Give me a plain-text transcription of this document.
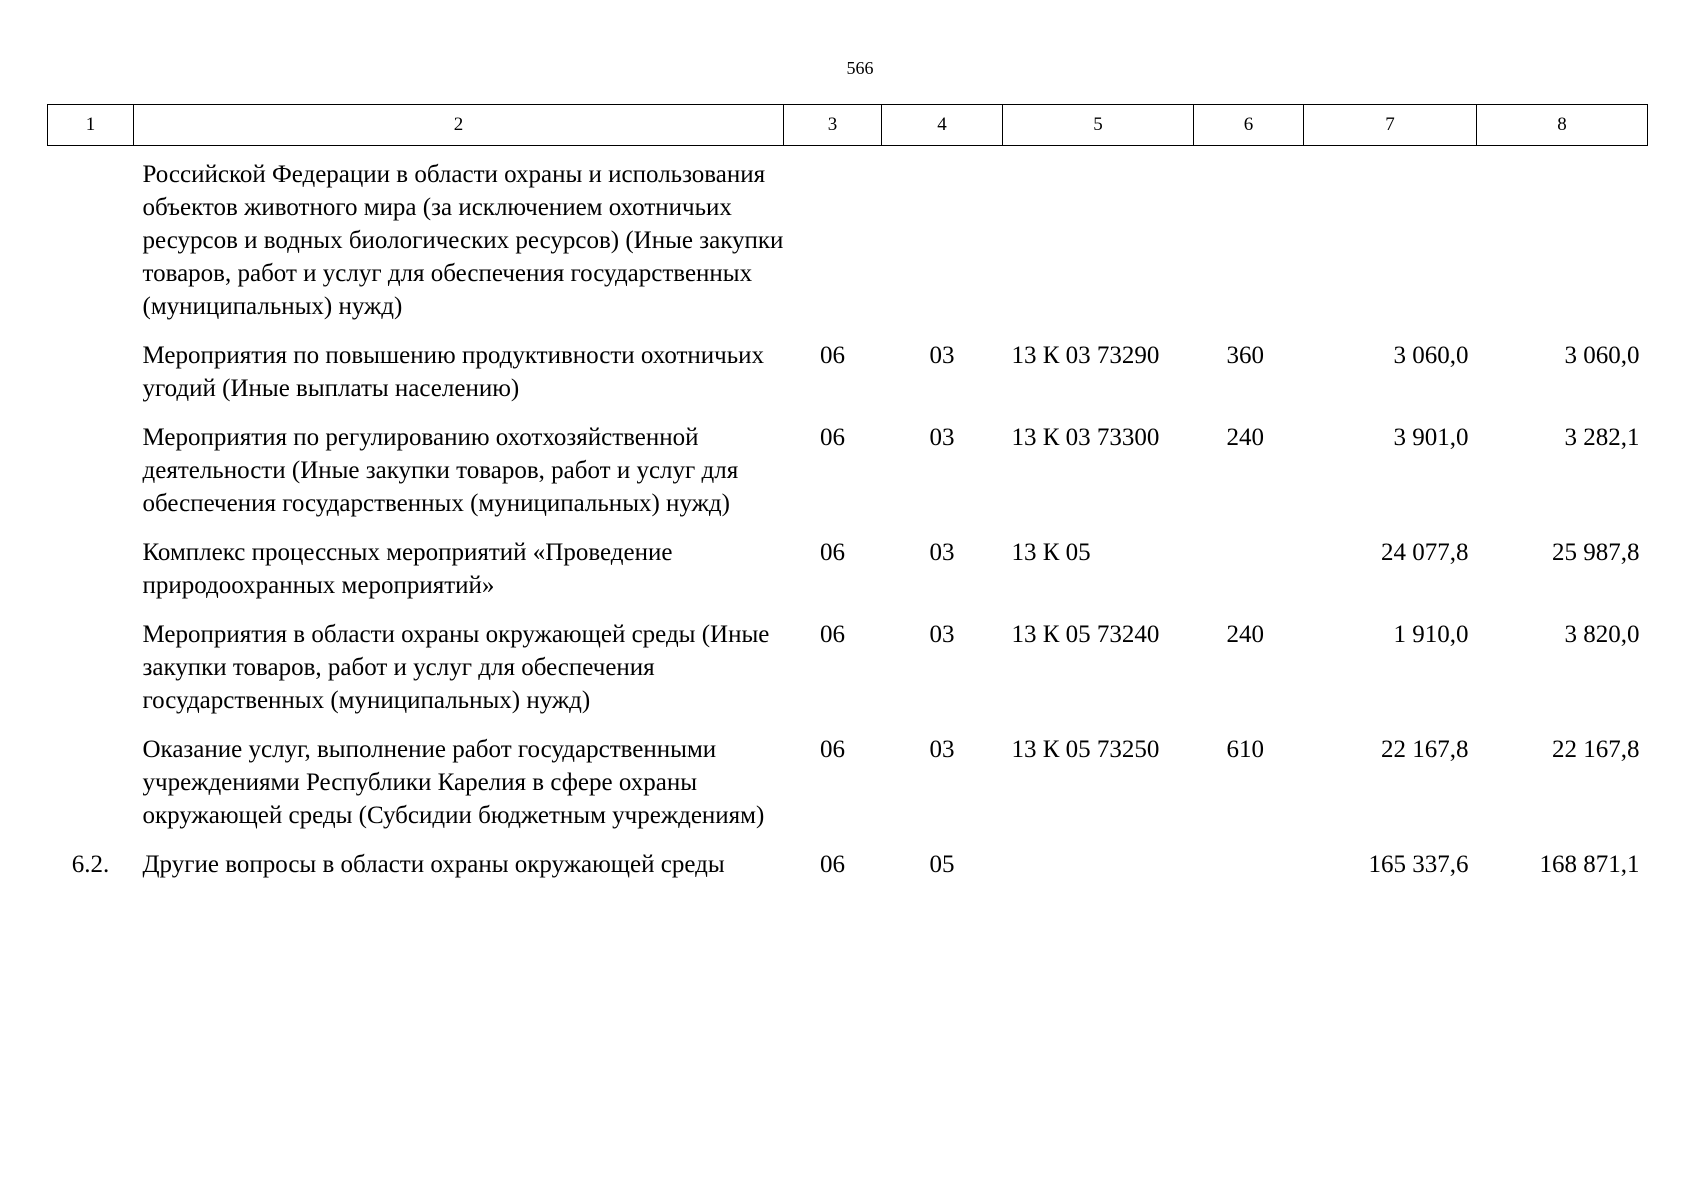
566
1	2	3	4	5	6	7	8
	Российской Федерации в области охраны и использования объектов животного мира (за исключением охотничьих ресурсов и водных биологических ресурсов) (Иные закупки товаров, работ и услуг для обеспечения государственных (муниципальных) нужд)						
	Мероприятия по повышению продуктивности охотничьих угодий (Иные выплаты населению)	06	03	13 К 03 73290	360	3 060,0	3 060,0
	Мероприятия по регулированию охотхозяйственной деятельности (Иные закупки товаров, работ и услуг для обеспечения государственных (муниципальных) нужд)	06	03	13 К 03 73300	240	3 901,0	3 282,1
	Комплекс процессных мероприятий «Проведение природоохранных мероприятий»	06	03	13 К 05		24 077,8	25 987,8
	Мероприятия в области охраны окружающей среды (Иные закупки товаров, работ и услуг для обеспечения государственных (муниципальных) нужд)	06	03	13 К 05 73240	240	1 910,0	3 820,0
	Оказание услуг, выполнение работ государственными учреждениями Республики Карелия в сфере охраны окружающей среды (Субсидии бюджетным учреждениям)	06	03	13 К 05 73250	610	22 167,8	22 167,8
6.2.	Другие вопросы в области охраны окружающей среды	06	05			165 337,6	168 871,1
